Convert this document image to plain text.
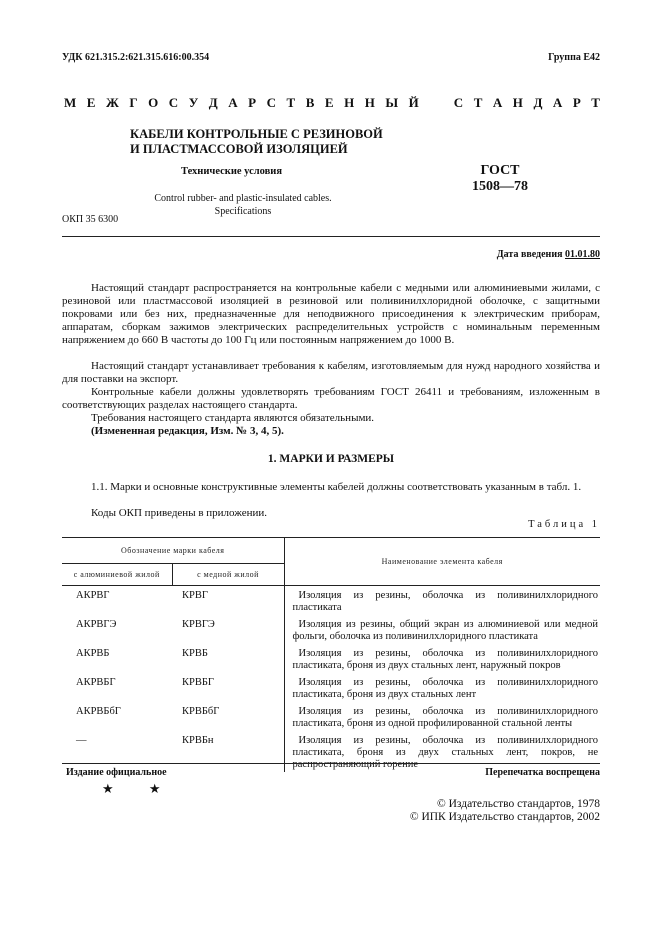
УДК 621.315.2:621.315.616:00.354	Группа Е42
М Е Ж Г О С У Д А Р С Т В Е Н Н Ы Й	С Т А Н Д А Р Т
КАБЕЛИ КОНТРОЛЬНЫЕ С РЕЗИНОВОЙ
И ПЛАСТМАССОВОЙ ИЗОЛЯЦИЕЙ
Технические условия	ГОСТ
1508—78
Control rubber- and plastic-insulated cables.
Specifications
ОКП 35 6300
Дата введения 01.01.80
Настоящий стандарт распространяется на контрольные кабели с медными или алюминиевыми жилами, с резиновой или пластмассовой изоляцией в резиновой или поливинилхлоридной оболочке, с защитными покровами или без них, предназначенные для неподвижного присоединения к электрическим приборам, аппаратам, сборкам зажимов электрических распределительных устройств с номинальным переменным напряжением до 660 В частоты до 100 Гц или постоянным напряжением до 1000 В.
Настоящий стандарт устанавливает требования к кабелям, изготовляемым для нужд народного хозяйства и для поставки на экспорт.
Контрольные кабели должны удовлетворять требованиям ГОСТ 26411 и требованиям, изложенным в соответствующих разделах настоящего стандарта.
Требования настоящего стандарта являются обязательными.
(Измененная редакция, Изм. № 3, 4, 5).
1. МАРКИ И РАЗМЕРЫ
1.1. Марки и основные конструктивные элементы кабелей должны соответствовать указанным в табл. 1.
Коды ОКП приведены в приложении.
Таблица 1
Обозначение марки кабеля		Наименование элемента кабеля
с алюминиевой жилой	с медной жилой	
АКРВГ	КРВГ	Изоляция из резины, оболочка из поливинилхлоридного пластиката
АКРВГЭ	КРВГЭ	Изоляция из резины, общий экран из алюминиевой или медной фольги, оболочка из поливинилхлоридного пластиката
АКРВБ	КРВБ	Изоляция из резины, оболочка из поливинилхлоридного пластиката, броня из двух стальных лент, наружный покров
АКРВБГ	КРВБГ	Изоляция из резины, оболочка из поливинилхлоридного пластиката, броня из двух стальных лент
АКРВБбГ	КРВБбГ	Изоляция из резины, оболочка из поливинилхлоридного пластиката, броня из одной профилированной стальной ленты
—	КРВБн	Изоляция из резины, оболочка из поливинилхлоридного пластиката, броня из двух стальных лент, покров, не распространяющий горение
Издание официальное	Перепечатка воспрещена
★ ★
© Издательство стандартов, 1978
© ИПК Издательство стандартов, 2002
